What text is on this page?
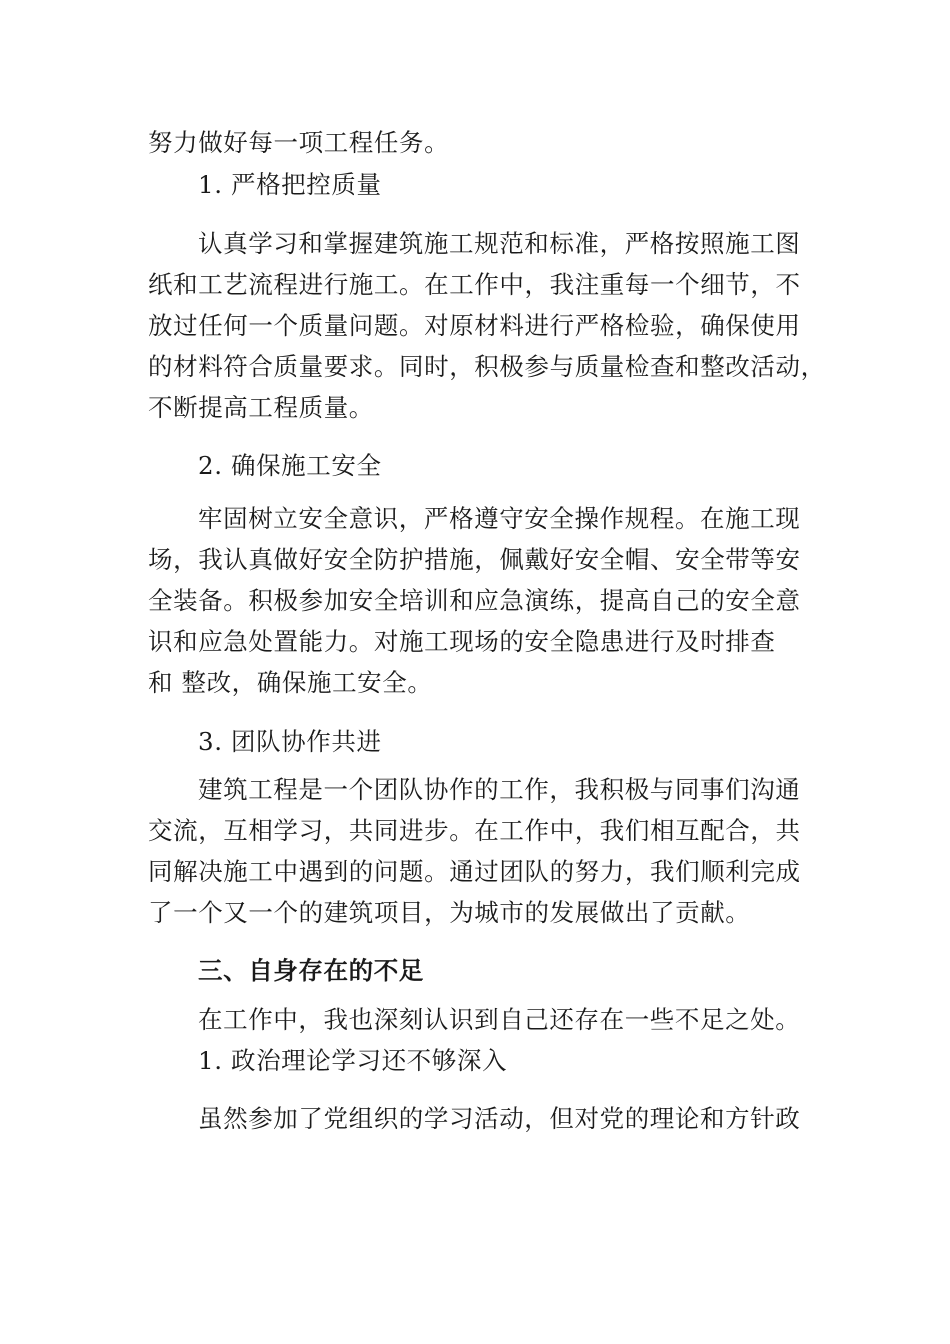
努力做好每一项工程任务。
1. 严格把控质量
认真学习和掌握建筑施工规范和标准，严格按照施工图
纸和工艺流程进行施工。在工作中，我注重每一个细节，不
放过任何一个质量问题。对原材料进行严格检验，确保使用
的材料符合质量要求。同时，积极参与质量检查和整改活动，
不断提高工程质量。
2. 确保施工安全
牢固树立安全意识，严格遵守安全操作规程。在施工现
场，我认真做好安全防护措施，佩戴好安全帽、安全带等安
全装备。积极参加安全培训和应急演练，提高自己的安全意
识和应急处置能力。对施工现场的安全隐患进行及时排查
和 整改，确保施工安全。
3. 团队协作共进
建筑工程是一个团队协作的工作，我积极与同事们沟通
交流，互相学习，共同进步。在工作中，我们相互配合，共
同解决施工中遇到的问题。通过团队的努力，我们顺利完成
了一个又一个的建筑项目，为城市的发展做出了贡献。
三、自身存在的不足
在工作中，我也深刻认识到自己还存在一些不足之处。
1. 政治理论学习还不够深入
虽然参加了党组织的学习活动，但对党的理论和方针政
